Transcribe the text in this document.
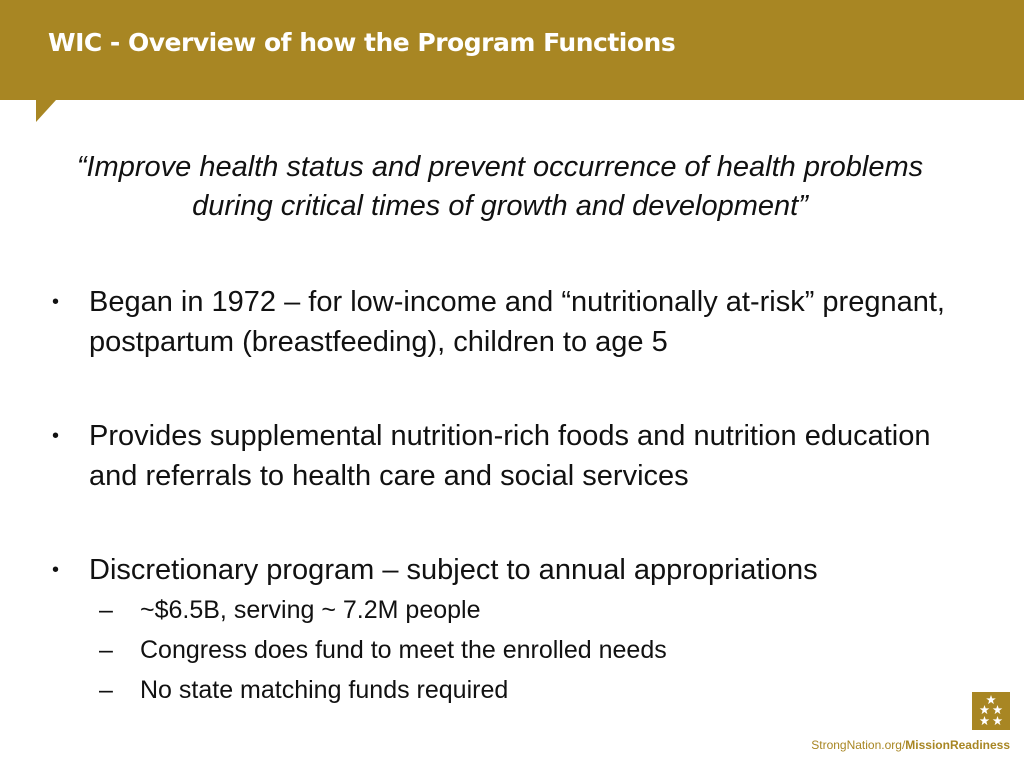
WIC - Overview of how the Program Functions

“Improve health status and prevent occurrence of health problems during critical times of growth and development”

• Began in 1972 – for low-income and “nutritionally at-risk” pregnant, postpartum (breastfeeding), children to age 5
• Provides supplemental nutrition-rich foods and nutrition education and referrals to health care and social services
• Discretionary program – subject to annual appropriations
– ~$6.5B, serving ~ 7.2M people
– Congress does fund to meet the enrolled needs
– No state matching funds required
StrongNation.org/MissionReadiness
